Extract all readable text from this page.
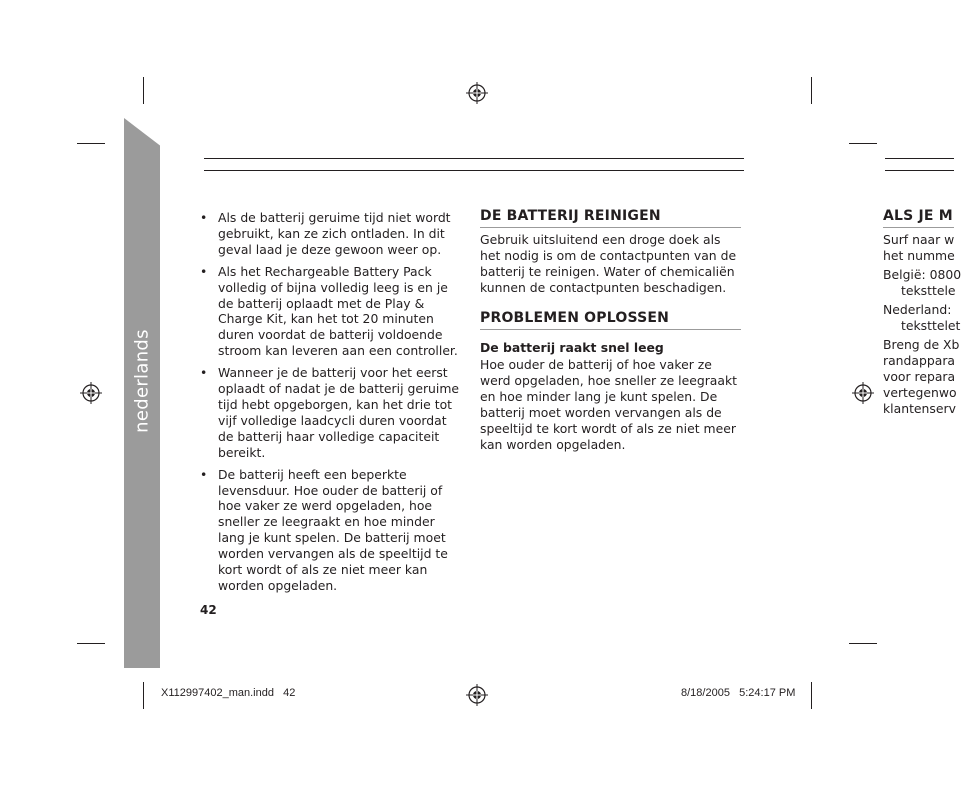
nederlands
• Als de batterij geruime tijd niet wordt gebruikt, kan ze zich ontladen. In dit geval laad je deze gewoon weer op.
• Als het Rechargeable Battery Pack volledig of bijna volledig leeg is en je de batterij oplaadt met de Play & Charge Kit, kan het tot 20 minuten duren voordat de batterij voldoende stroom kan leveren aan een controller.
• Wanneer je de batterij voor het eerst oplaadt of nadat je de batterij geruime tijd hebt opgeborgen, kan het drie tot vijf volledige laadcycli duren voordat de batterij haar volledige capaciteit bereikt.
• De batterij heeft een beperkte levensduur. Hoe ouder de batterij of hoe vaker ze werd opgeladen, hoe sneller ze leegraakt en hoe minder lang je kunt spelen. De batterij moet worden vervangen als de speeltijd te kort wordt of als ze niet meer kan worden opgeladen.
DE BATTERIJ REINIGEN

Gebruik uitsluitend een droge doek als het nodig is om de contactpunten van de batterij te reinigen. Water of chemicaliën kunnen de contactpunten beschadigen.

PROBLEMEN OPLOSSEN
De batterij raakt snel leeg

Hoe ouder de batterij of hoe vaker ze werd opgeladen, hoe sneller ze leegraakt en hoe minder lang je kunt spelen. De batterij moet worden vervangen als de speeltijd te kort wordt of als ze niet meer kan worden opgeladen.

ALS JE M
Surf naar w
het numme
België: 0800
teksttele
Nederland:
teksttelet
Breng de Xb
randappara
voor repara
vertegenwo
klantenserv
42
X112997402_man.indd   42	8/18/2005   5:24:17 PM
